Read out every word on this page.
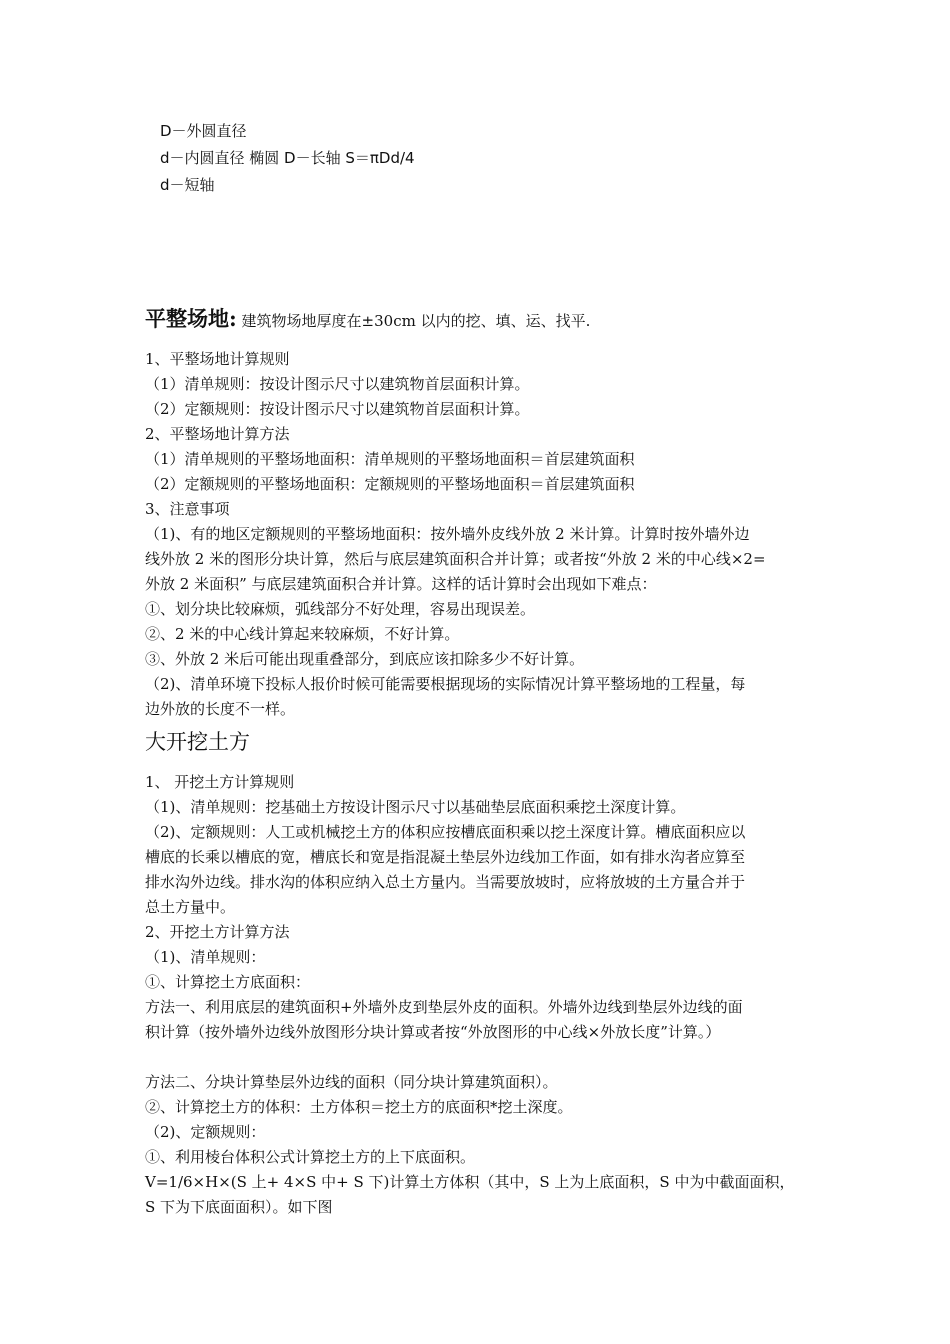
D－外圆直径
d－内圆直径 椭圆 D－长轴 S＝πDd/4
d－短轴
平整场地: 建筑物场地厚度在±30cm 以内的挖、填、运、找平.
1、平整场地计算规则
（1）清单规则：按设计图示尺寸以建筑物首层面积计算。
（2）定额规则：按设计图示尺寸以建筑物首层面积计算。
2、平整场地计算方法
（1）清单规则的平整场地面积：清单规则的平整场地面积＝首层建筑面积
（2）定额规则的平整场地面积：定额规则的平整场地面积＝首层建筑面积
3、注意事项
（1)、有的地区定额规则的平整场地面积：按外墙外皮线外放 2 米计算。计算时按外墙外边
线外放 2 米的图形分块计算，然后与底层建筑面积合并计算；或者按“外放 2 米的中心线×2=
外放 2 米面积” 与底层建筑面积合并计算。这样的话计算时会出现如下难点：
①、划分块比较麻烦，弧线部分不好处理，容易出现误差。
②、2 米的中心线计算起来较麻烦，不好计算。
③、外放 2 米后可能出现重叠部分，到底应该扣除多少不好计算。
（2)、清单环境下投标人报价时候可能需要根据现场的实际情况计算平整场地的工程量，每
边外放的长度不一样。
大开挖土方
1、 开挖土方计算规则
（1)、清单规则：挖基础土方按设计图示尺寸以基础垫层底面积乘挖土深度计算。
（2)、定额规则：人工或机械挖土方的体积应按槽底面积乘以挖土深度计算。槽底面积应以
槽底的长乘以槽底的宽，槽底长和宽是指混凝土垫层外边线加工作面，如有排水沟者应算至
排水沟外边线。排水沟的体积应纳入总土方量内。当需要放坡时，应将放坡的土方量合并于
总土方量中。
2、开挖土方计算方法
（1)、清单规则：
①、计算挖土方底面积：
方法一、利用底层的建筑面积+外墙外皮到垫层外皮的面积。外墙外边线到垫层外边线的面
积计算（按外墙外边线外放图形分块计算或者按“外放图形的中心线×外放长度”计算。）
方法二、分块计算垫层外边线的面积（同分块计算建筑面积）。
②、计算挖土方的体积：土方体积＝挖土方的底面积*挖土深度。
（2)、定额规则：
①、利用棱台体积公式计算挖土方的上下底面积。
V=1/6×H×(S 上+ 4×S 中+ S 下)计算土方体积（其中，S 上为上底面积，S 中为中截面面积，
S 下为下底面面积）。如下图
